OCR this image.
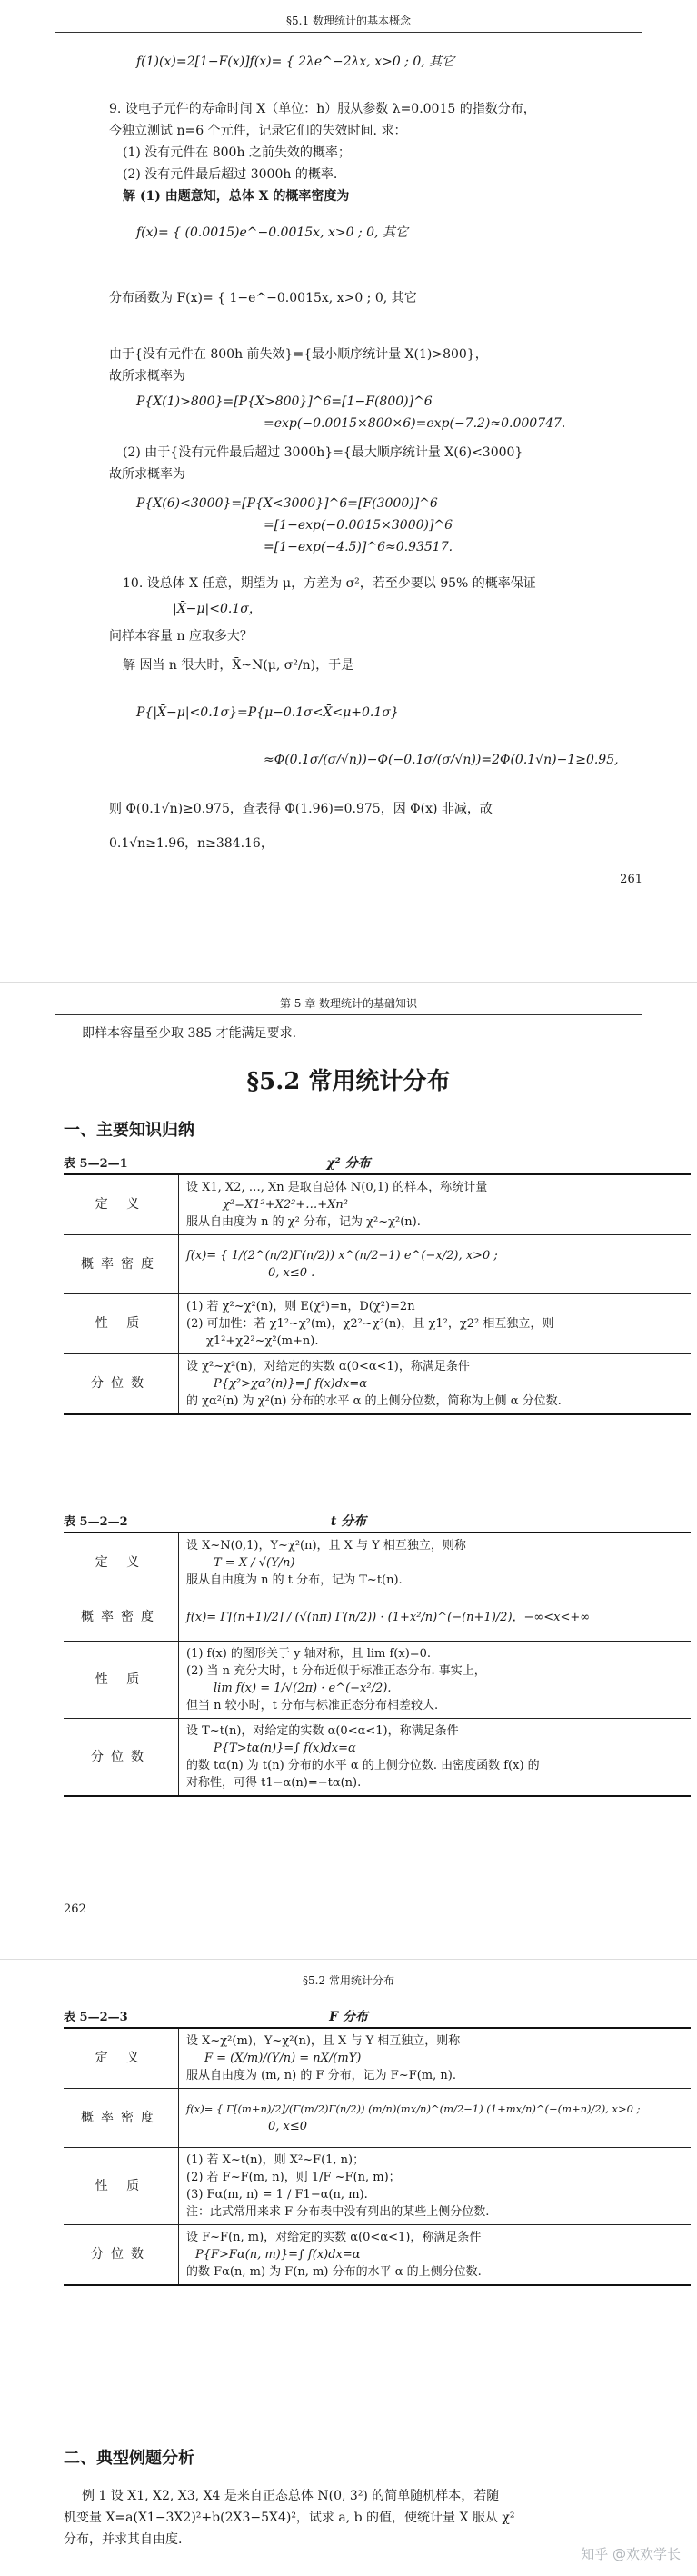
§5.1 数理统计的基本概念
f(1)(x)=2[1−F(x)]f(x)= { 2λe^−2λx, x>0 ; 0, 其它
9. 设电子元件的寿命时间 X（单位：h）服从参数 λ=0.0015 的指数分布，
今独立测试 n=6 个元件，记录它们的失效时间. 求：
(1) 没有元件在 800h 之前失效的概率；
(2) 没有元件最后超过 3000h 的概率.
解 (1) 由题意知，总体 X 的概率密度为
f(x)= { (0.0015)e^−0.0015x, x>0 ; 0, 其它
分布函数为 F(x)= { 1−e^−0.0015x, x>0 ; 0, 其它
由于{没有元件在 800h 前失效}={最小顺序统计量 X(1)>800}，
故所求概率为
P{X(1)>800}=[P{X>800}]^6=[1−F(800)]^6
=exp(−0.0015×800×6)=exp(−7.2)≈0.000747.
(2) 由于{没有元件最后超过 3000h}={最大顺序统计量 X(6)<3000}
故所求概率为
P{X(6)<3000}=[P{X<3000}]^6=[F(3000)]^6
=[1−exp(−0.0015×3000)]^6
=[1−exp(−4.5)]^6≈0.93517.
10. 设总体 X 任意，期望为 μ，方差为 σ²，若至少要以 95% 的概率保证
|X̄−μ|<0.1σ，
问样本容量 n 应取多大？
解 因当 n 很大时，X̄~N(μ, σ²/n)，于是
P{|X̄−μ|<0.1σ}=P{μ−0.1σ<X̄<μ+0.1σ}
≈Φ(0.1σ/(σ/√n))−Φ(−0.1σ/(σ/√n))=2Φ(0.1√n)−1≥0.95,
则 Φ(0.1√n)≥0.975，查表得 Φ(1.96)=0.975，因 Φ(x) 非减，故
0.1√n≥1.96，n≥384.16，
261
第 5 章 数理统计的基础知识
即样本容量至少取 385 才能满足要求.
§5.2 常用统计分布
一、主要知识归纳
表 5—2—1	χ² 分布
定 义	设 X1, X2, …, Xn 是取自总体 N(0,1) 的样本，称统计量
χ²=X1²+X2²+…+Xn²
服从自由度为 n 的 χ² 分布，记为 χ²~χ²(n).

概率密度	f(x)= { 1/(2^(n/2)Γ(n/2)) x^(n/2−1) e^(−x/2), x>0 ;
0, x≤0 .

性 质	(1) 若 χ²~χ²(n)，则 E(χ²)=n，D(χ²)=2n
(2) 可加性：若 χ1²~χ²(m)，χ2²~χ²(n)，且 χ1²，χ2² 相互独立，则
χ1²+χ2²~χ²(m+n).

分位数	设 χ²~χ²(n)，对给定的实数 α(0<α<1)，称满足条件
P{χ²>χα²(n)}=∫ f(x)dx=α
的 χα²(n) 为 χ²(n) 分布的水平 α 的上侧分位数，简称为上侧 α 分位数.
表 5—2—2	t 分布
定 义	设 X~N(0,1)，Y~χ²(n)，且 X 与 Y 相互独立，则称
T = X / √(Y/n)
服从自由度为 n 的 t 分布，记为 T~t(n).

概率密度	f(x)= Γ[(n+1)/2] / (√(nπ) Γ(n/2)) · (1+x²/n)^(−(n+1)/2)，−∞<x<+∞

性 质	(1) f(x) 的图形关于 y 轴对称，且 lim f(x)=0.
(2) 当 n 充分大时，t 分布近似于标准正态分布. 事实上，
lim f(x) = 1/√(2π) · e^(−x²/2).
但当 n 较小时，t 分布与标准正态分布相差较大.

分位数	设 T~t(n)，对给定的实数 α(0<α<1)，称满足条件
P{T>tα(n)}=∫ f(x)dx=α
的数 tα(n) 为 t(n) 分布的水平 α 的上侧分位数. 由密度函数 f(x) 的
对称性，可得 t1−α(n)=−tα(n).
262
§5.2 常用统计分布
表 5—2—3	F 分布
定 义	设 X~χ²(m)，Y~χ²(n)，且 X 与 Y 相互独立，则称
F = (X/m)/(Y/n) = nX/(mY)
服从自由度为 (m, n) 的 F 分布，记为 F~F(m, n).

概率密度	f(x)= { Γ[(m+n)/2]/(Γ(m/2)Γ(n/2)) (m/n)(mx/n)^(m/2−1) (1+mx/n)^(−(m+n)/2), x>0 ;
0, x≤0

性 质	(1) 若 X~t(n)，则 X²~F(1, n)；
(2) 若 F~F(m, n)，则 1/F ~F(n, m)；
(3) Fα(m, n) = 1 / F1−α(n, m).
注：此式常用来求 F 分布表中没有列出的某些上侧分位数.

分位数	设 F~F(n, m)，对给定的实数 α(0<α<1)，称满足条件
P{F>Fα(n, m)}=∫ f(x)dx=α
的数 Fα(n, m) 为 F(n, m) 分布的水平 α 的上侧分位数.
二、典型例题分析
例 1 设 X1, X2, X3, X4 是来自正态总体 N(0, 3²) 的简单随机样本，若随
机变量 X=a(X1−3X2)²+b(2X3−5X4)²，试求 a, b 的值，使统计量 X 服从 χ²
分布，并求其自由度.
知乎 @欢欢学长
